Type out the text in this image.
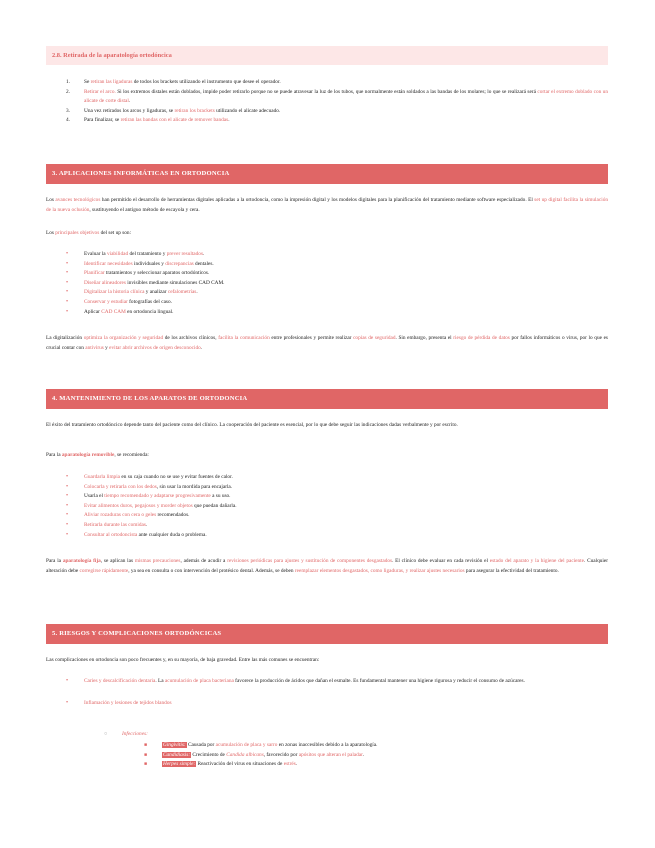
2.8. Retirada de la aparatología ortodóncica
1.	Se retiran las ligaduras de todos los brackets utilizando el instrumento que desee el operador.
2.	Retirar el arco. Si los extremos distales están doblados, impide poder retirarlo porque no se puede atravesar la luz de los tubos, que normalmente están soldados a las bandas de los molares; lo que se realizará será cortar el extremo doblado con un alicate de corte distal.
3.	Una vez retirados los arcos y ligaduras, se retiran los brackets utilizando el alicate adecuado.
4.	Para finalizar, se retiran las bandas con el alicate de remover bandas.
3. APLICACIONES INFORMÁTICAS EN ORTODONCIA
Los avances tecnológicos han permitido el desarrollo de herramientas digitales aplicadas a la ortodoncia, como la impresión digital y los modelos digitales para la planificación del tratamiento mediante software especializado. El set up digital facilita la simulación de la nueva oclusión, sustituyendo el antiguo método de escayola y cera.
Los principales objetivos del set up son:
•	Evaluar la viabilidad del tratamiento y prever resultados.
•	Identificar necesidades individuales y discrepancias dentales.
•	Planificar tratamientos y seleccionar aparatos ortodónticos.
•	Diseñar alineadores invisibles mediante simulaciones CAD CAM.
•	Digitalizar la historia clínica y analizar cefalometrías.
•	Conservar y estudiar fotografías del caso.
•	Aplicar CAD CAM en ortodoncia lingual.
La digitalización optimiza la organización y seguridad de los archivos clínicos, facilita la comunicación entre profesionales y permite realizar copias de seguridad. Sin embargo, presenta el riesgo de pérdida de datos por fallos informáticos o virus, por lo que es crucial contar con antivirus y evitar abrir archivos de origen desconocido.
4. MANTENIMIENTO DE LOS APARATOS DE ORTODONCIA
El éxito del tratamiento ortodóncico depende tanto del paciente como del clínico. La cooperación del paciente es esencial, por lo que debe seguir las indicaciones dadas verbalmente y por escrito.
Para la aparatología removible, se recomienda:
•	Guardarla limpia en su caja cuando no se use y evitar fuentes de calor.
•	Colocarla y retirarla con los dedos, sin usar la mordida para encajarla.
•	Usarla el tiempo recomendado y adaptarse progresivamente a su uso.
•	Evitar alimentos duros, pegajosos y morder objetos que puedan dañarla.
•	Aliviar rozaduras con cera o geles recomendados.
•	Retirarla durante las comidas.
•	Consultar al ortodoncista ante cualquier duda o problema.
Para la aparatología fija, se aplican las mismas precauciones, además de acudir a revisiones periódicas para ajustes y sustitución de componentes desgastados. El clínico debe evaluar en cada revisión el estado del aparato y la higiene del paciente. Cualquier alteración debe corregirse rápidamente, ya sea en consulta o con intervención del protésico dental. Además, se deben reemplazar elementos desgastados, como ligaduras, y realizar ajustes necesarios para asegurar la efectividad del tratamiento.
5. RIESGOS Y COMPLICACIONES ORTODÓNCICAS
Las complicaciones en ortodoncia son poco frecuentes y, en su mayoría, de baja gravedad. Entre las más comunes se encuentran:
•	Caries y descalcificación dentaria. La acumulación de placa bacteriana favorece la producción de ácidos que dañan el esmalte. Es fundamental mantener una higiene rigurosa y reducir el consumo de azúcares.
•	Inflamación y lesiones de tejidos blandos
○	Infecciones:
■	Gingivitis: Causada por acumulación de placa y sarro en zonas inaccesibles debido a la aparatología.
■	Candidiasis: Crecimiento de Candida albicans, favorecido por apósitos que alteran el paladar.
■	Herpes simple: Reactivación del virus en situaciones de estrés.
